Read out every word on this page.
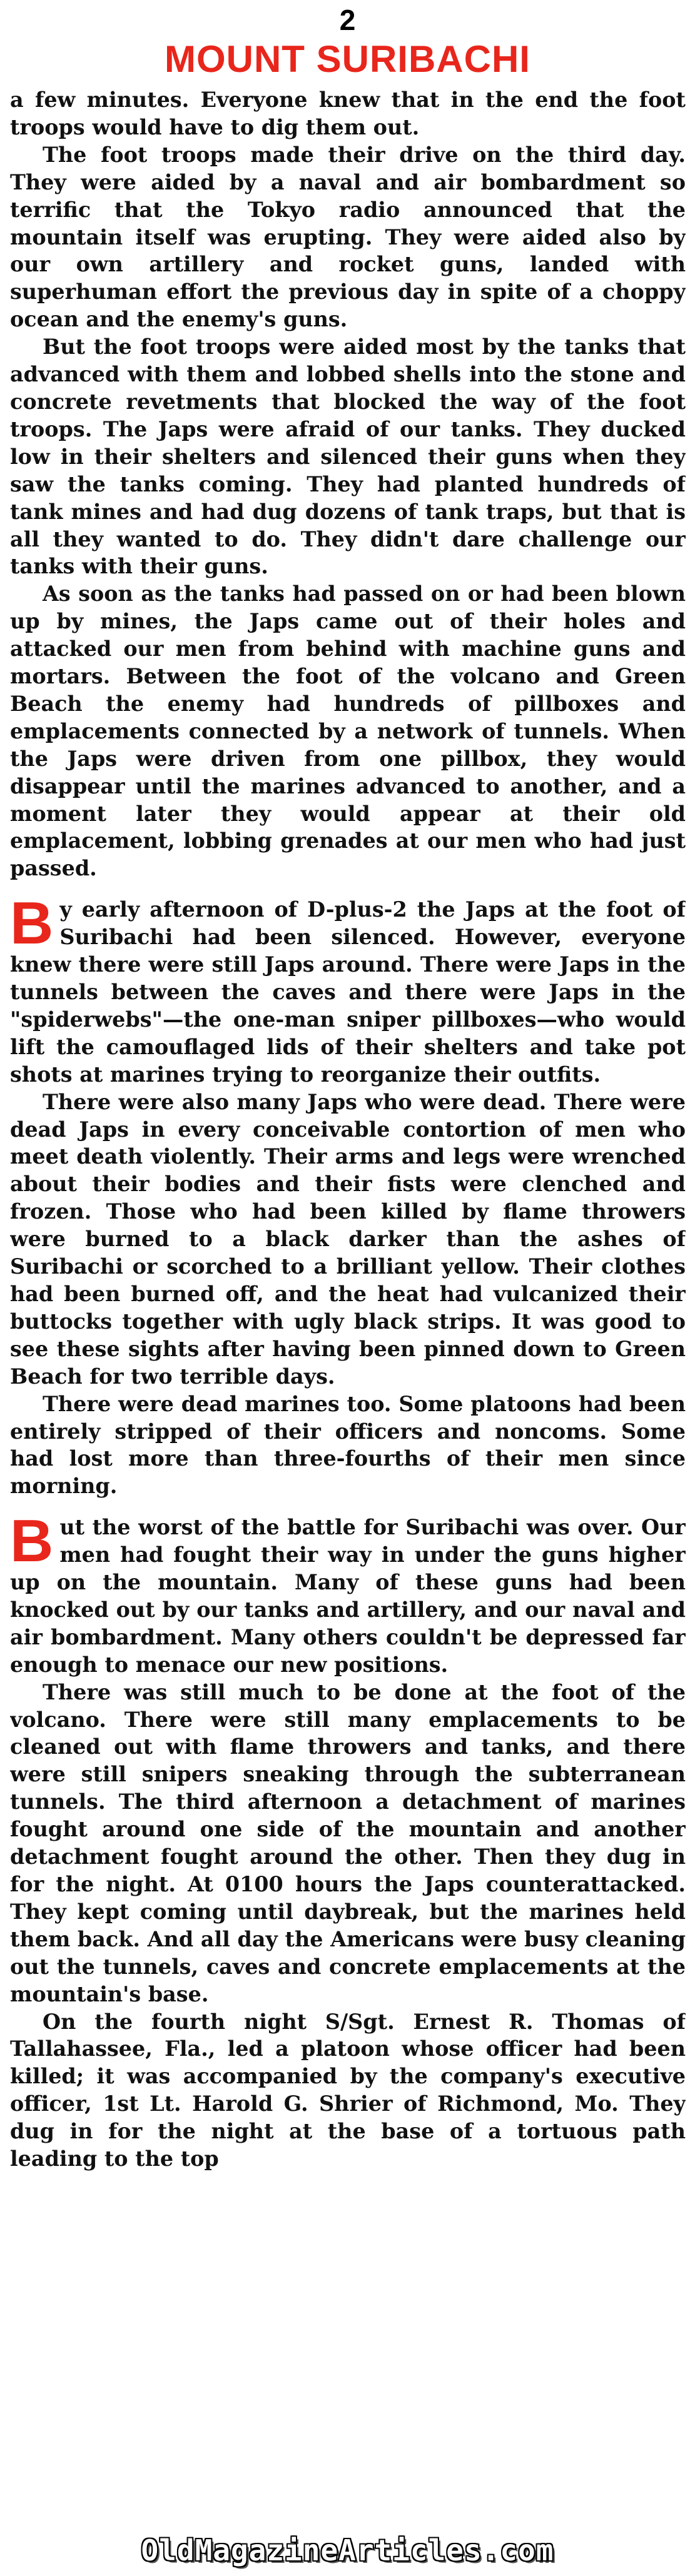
2
MOUNT SURIBACHI

a few minutes. Everyone knew that in the end the foot troops would have to dig them out.

The foot troops made their drive on the third day. They were aided by a naval and air bombardment so terrific that the Tokyo radio announced that the mountain itself was erupting. They were aided also by our own artillery and rocket guns, landed with superhuman effort the previous day in spite of a choppy ocean and the enemy's guns.

But the foot troops were aided most by the tanks that advanced with them and lobbed shells into the stone and concrete revetments that blocked the way of the foot troops. The Japs were afraid of our tanks. They ducked low in their shelters and silenced their guns when they saw the tanks coming. They had planted hundreds of tank mines and had dug dozens of tank traps, but that is all they wanted to do. They didn't dare challenge our tanks with their guns.

As soon as the tanks had passed on or had been blown up by mines, the Japs came out of their holes and attacked our men from behind with machine guns and mortars. Between the foot of the volcano and Green Beach the enemy had hundreds of pillboxes and emplacements connected by a network of tunnels. When the Japs were driven from one pillbox, they would disappear until the marines advanced to another, and a moment later they would appear at their old emplacement, lobbing grenades at our men who had just passed.

By early afternoon of D-plus-2 the Japs at the foot of Suribachi had been silenced. However, everyone knew there were still Japs around. There were Japs in the tunnels between the caves and there were Japs in the "spiderwebs"—the one-man sniper pillboxes—who would lift the camouflaged lids of their shelters and take pot shots at marines trying to reorganize their outfits.

There were also many Japs who were dead. There were dead Japs in every conceivable contortion of men who meet death violently. Their arms and legs were wrenched about their bodies and their fists were clenched and frozen. Those who had been killed by flame throwers were burned to a black darker than the ashes of Suribachi or scorched to a brilliant yellow. Their clothes had been burned off, and the heat had vulcanized their buttocks together with ugly black strips. It was good to see these sights after having been pinned down to Green Beach for two terrible days.

There were dead marines too. Some platoons had been entirely stripped of their officers and noncoms. Some had lost more than three-fourths of their men since morning.

But the worst of the battle for Suribachi was over. Our men had fought their way in under the guns higher up on the mountain. Many of these guns had been knocked out by our tanks and artillery, and our naval and air bombardment. Many others couldn't be depressed far enough to menace our new positions.

There was still much to be done at the foot of the volcano. There were still many emplacements to be cleaned out with flame throwers and tanks, and there were still snipers sneaking through the subterranean tunnels. The third afternoon a detachment of marines fought around one side of the mountain and another detachment fought around the other. Then they dug in for the night. At 0100 hours the Japs counterattacked. They kept coming until daybreak, but the marines held them back. And all day the Americans were busy cleaning out the tunnels, caves and concrete emplacements at the mountain's base.

On the fourth night S/Sgt. Ernest R. Thomas of Tallahassee, Fla., led a platoon whose officer had been killed; it was accompanied by the company's executive officer, 1st Lt. Harold G. Shrier of Richmond, Mo. They dug in for the night at the base of a tortuous path leading to the top

OldMagazineArticles.com
